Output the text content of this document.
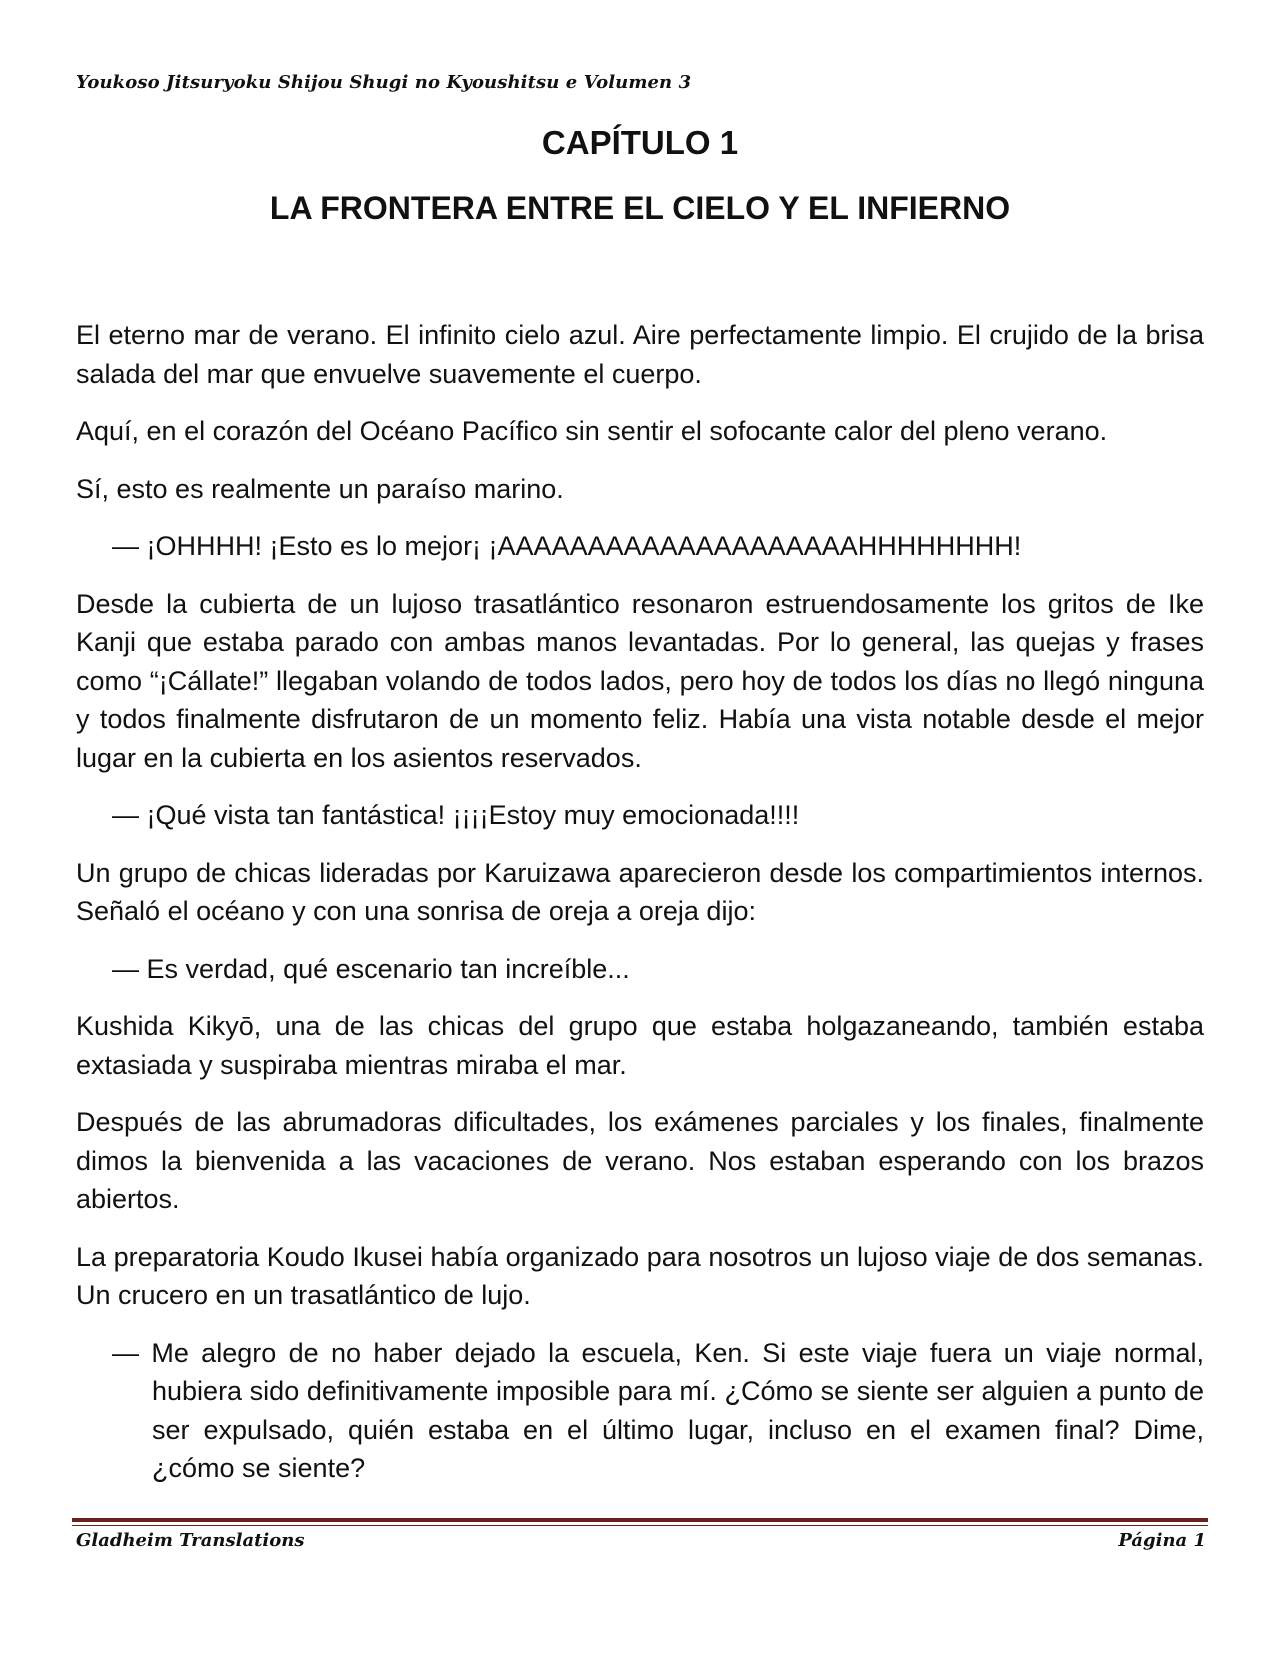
Youkoso Jitsuryoku Shijou Shugi no Kyoushitsu e Volumen 3
CAPÍTULO 1
LA FRONTERA ENTRE EL CIELO Y EL INFIERNO

El eterno mar de verano. El infinito cielo azul. Aire perfectamente limpio. El crujido de la brisa salada del mar que envuelve suavemente el cuerpo.

Aquí, en el corazón del Océano Pacífico sin sentir el sofocante calor del pleno verano.

Sí, esto es realmente un paraíso marino.

— ¡OHHHH! ¡Esto es lo mejor¡ ¡AAAAAAAAAAAAAAAAAAAAHHHHHHHH!

Desde la cubierta de un lujoso trasatlántico resonaron estruendosamente los gritos de Ike Kanji que estaba parado con ambas manos levantadas. Por lo general, las quejas y frases como “¡Cállate!” llegaban volando de todos lados, pero hoy de todos los días no llegó ninguna y todos finalmente disfrutaron de un momento feliz. Había una vista notable desde el mejor lugar en la cubierta en los asientos reservados.

— ¡Qué vista tan fantástica! ¡¡¡¡Estoy muy emocionada!!!!

Un grupo de chicas lideradas por Karuizawa aparecieron desde los compartimientos internos. Señaló el océano y con una sonrisa de oreja a oreja dijo:

— Es verdad, qué escenario tan increíble...

Kushida Kikyō, una de las chicas del grupo que estaba holgazaneando, también estaba extasiada y suspiraba mientras miraba el mar.

Después de las abrumadoras dificultades, los exámenes parciales y los finales, finalmente dimos la bienvenida a las vacaciones de verano. Nos estaban esperando con los brazos abiertos.

La preparatoria Koudo Ikusei había organizado para nosotros un lujoso viaje de dos semanas. Un crucero en un trasatlántico de lujo.

— Me alegro de no haber dejado la escuela, Ken. Si este viaje fuera un viaje normal, hubiera sido definitivamente imposible para mí. ¿Cómo se siente ser alguien a punto de ser expulsado, quién estaba en el último lugar, incluso en el examen final? Dime, ¿cómo se siente?

Gladheim Translations	Página 1
